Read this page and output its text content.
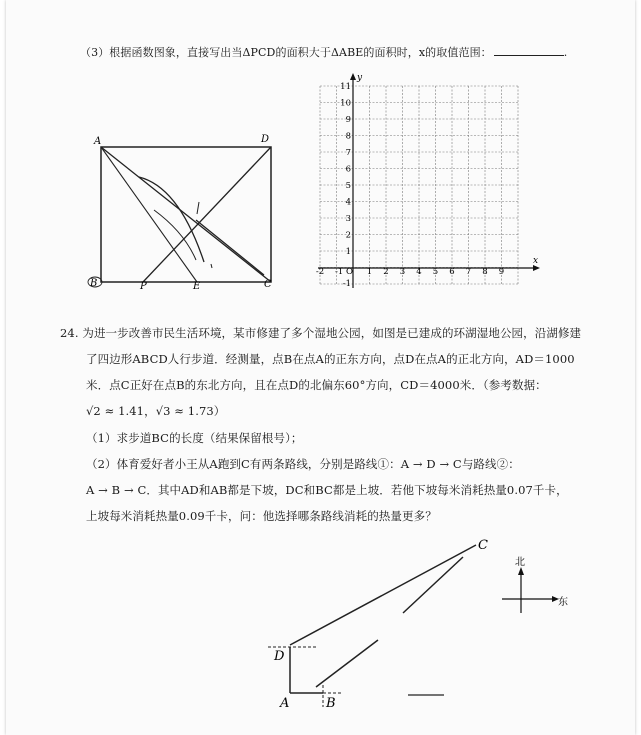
（3）根据函数图象，直接写出当ΔPCD的面积大于ΔABE的面积时，x的取值范围：	.
A	D
B	P	E	C
y
x
11
10
9
8
7
6
5
4
3
2
1
-1
-2 -1 O 1 2 3 4 5 6 7 8 9
24. 为进一步改善市民生活环境，某市修建了多个湿地公园，如图是已建成的环湖湿地公园，沿湖修建
了四边形ABCD人行步道．经测量，点B在点A的正东方向，点D在点A的正北方向，AD＝1000
米．点C正好在点B的东北方向，且在点D的北偏东60°方向，CD＝4000米．（参考数据：
√2 ≈ 1.41，√3 ≈ 1.73）
（1）求步道BC的长度（结果保留根号）；
（2）体育爱好者小王从A跑到C有两条路线，分别是路线①：A → D → C与路线②：
A → B → C．其中AD和AB都是下坡，DC和BC都是上坡．若他下坡每米消耗热量0.07千卡，
上坡每米消耗热量0.09千卡，问：他选择哪条路线消耗的热量更多？
C
D
A	B
北
东
